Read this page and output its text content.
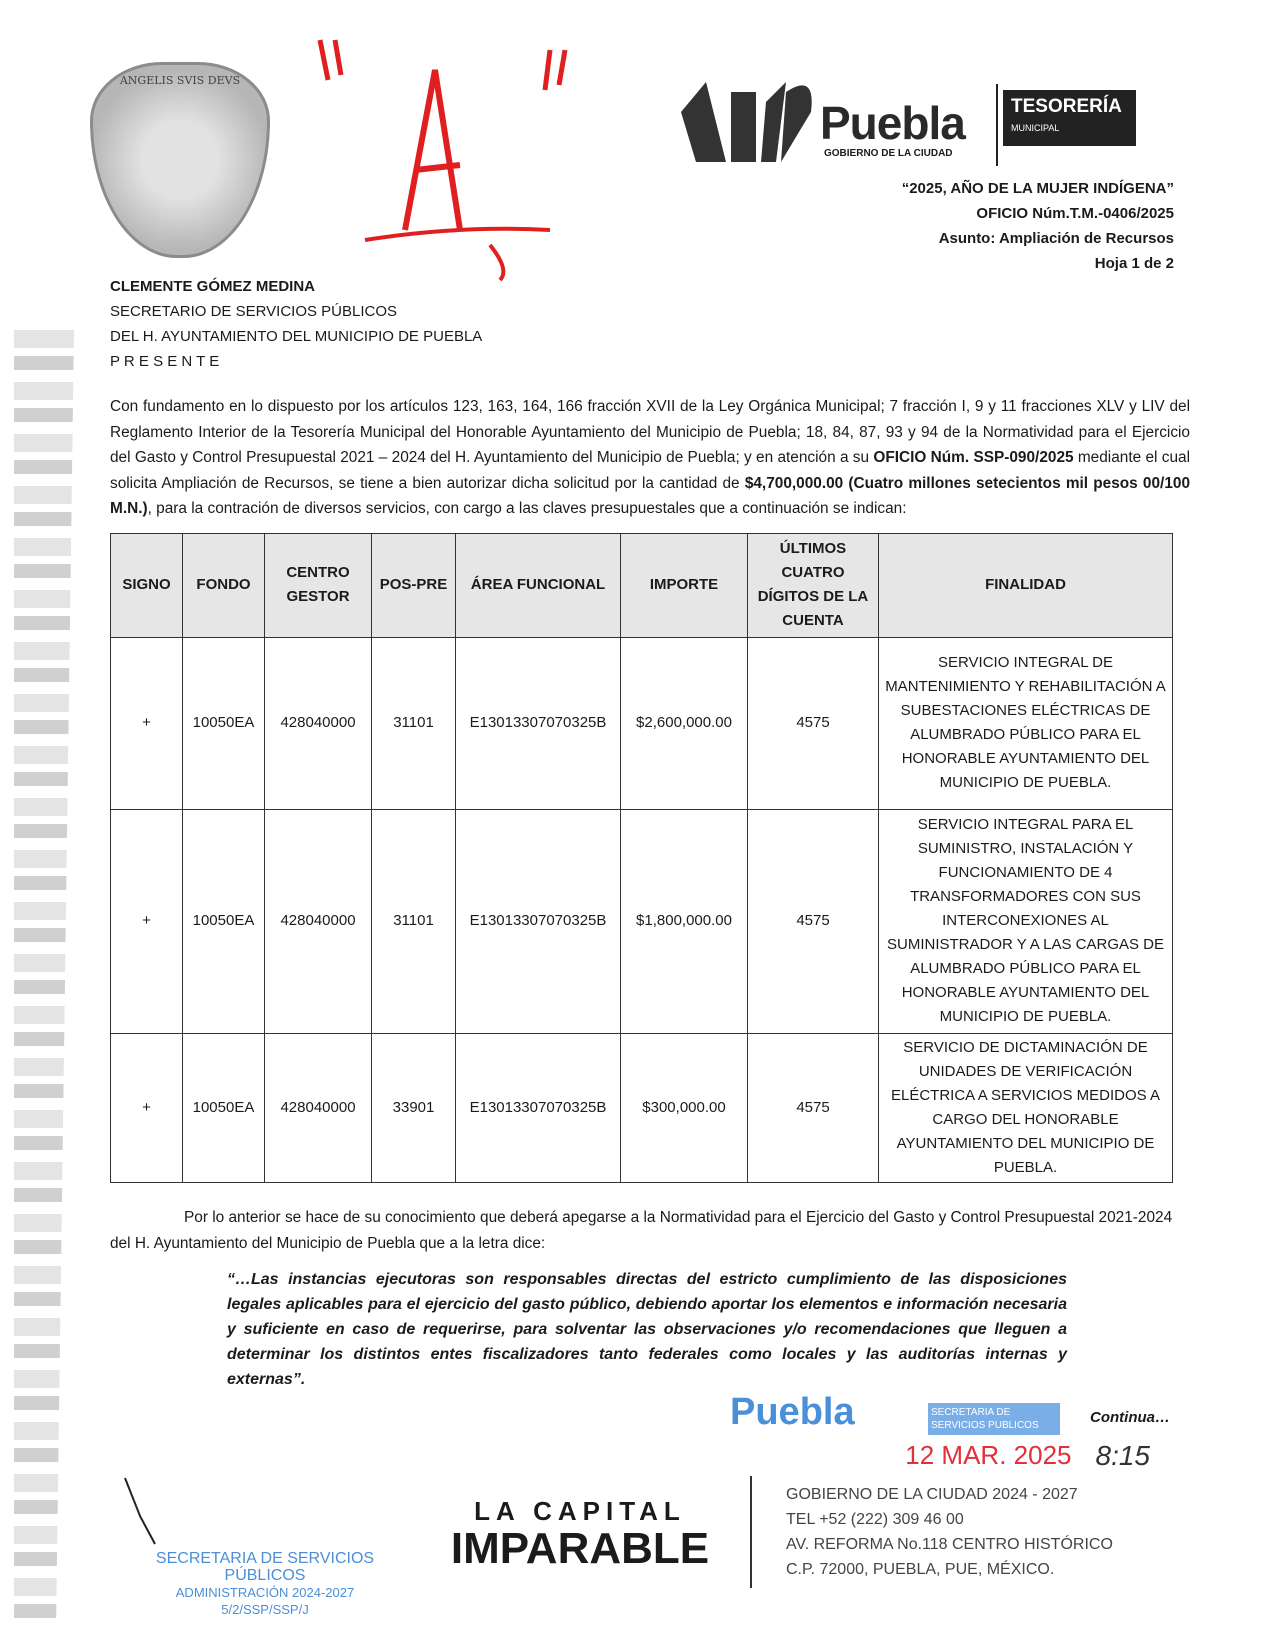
ANGELIS SVIS DEVS
Puebla
GOBIERNO DE LA CIUDAD
TESORERÍA
MUNICIPAL
“2025, AÑO DE LA MUJER INDÍGENA”
OFICIO Núm.T.M.-0406/2025
Asunto: Ampliación de Recursos
Hoja 1 de 2
CLEMENTE GÓMEZ MEDINA
SECRETARIO DE SERVICIOS PÚBLICOS
DEL H. AYUNTAMIENTO DEL MUNICIPIO DE PUEBLA
P R E S E N T E

Con fundamento en lo dispuesto por los artículos 123, 163, 164, 166 fracción XVII de la Ley Orgánica Municipal; 7 fracción I, 9 y 11 fracciones XLV y LIV del Reglamento Interior de la Tesorería Municipal del Honorable Ayuntamiento del Municipio de Puebla; 18, 84, 87, 93 y 94 de la Normatividad para el Ejercicio del Gasto y Control Presupuestal 2021 – 2024 del H. Ayuntamiento del Municipio de Puebla; y en atención a su OFICIO Núm. SSP-090/2025 mediante el cual solicita Ampliación de Recursos, se tiene a bien autorizar dicha solicitud por la cantidad de $4,700,000.00 (Cuatro millones setecientos mil pesos 00/100 M.N.), para la contración de diversos servicios, con cargo a las claves presupuestales que a continuación se indican:

SIGNO	FONDO	CENTRO GESTOR	POS-PRE	ÁREA FUNCIONAL	IMPORTE	ÚLTIMOS CUATRO DÍGITOS DE LA CUENTA	FINALIDAD
+	10050EA	428040000	31101	E13013307070325B	$2,600,000.00	4575	SERVICIO INTEGRAL DE MANTENIMIENTO Y REHABILITACIÓN A SUBESTACIONES ELÉCTRICAS DE ALUMBRADO PÚBLICO PARA EL HONORABLE AYUNTAMIENTO DEL MUNICIPIO DE PUEBLA.
+	10050EA	428040000	31101	E13013307070325B	$1,800,000.00	4575	SERVICIO INTEGRAL PARA EL SUMINISTRO, INSTALACIÓN Y FUNCIONAMIENTO DE 4 TRANSFORMADORES CON SUS INTERCONEXIONES AL SUMINISTRADOR Y A LAS CARGAS DE ALUMBRADO PÚBLICO PARA EL HONORABLE AYUNTAMIENTO DEL MUNICIPIO DE PUEBLA.
+	10050EA	428040000	33901	E13013307070325B	$300,000.00	4575	SERVICIO DE DICTAMINACIÓN DE UNIDADES DE VERIFICACIÓN ELÉCTRICA A SERVICIOS MEDIDOS A CARGO DEL HONORABLE AYUNTAMIENTO DEL MUNICIPIO DE PUEBLA.

Por lo anterior se hace de su conocimiento que deberá apegarse a la Normatividad para el Ejercicio del Gasto y Control Presupuestal 2021-2024 del H. Ayuntamiento del Municipio de Puebla que a la letra dice:

“…Las instancias ejecutoras son responsables directas del estricto cumplimiento de las disposiciones legales aplicables para el ejercicio del gasto público, debiendo aportar los elementos e información necesaria y suficiente en caso de requerirse, para solventar las observaciones y/o recomendaciones que lleguen a determinar los distintos entes fiscalizadores tanto federales como locales y las auditorías internas y externas”.

Puebla	SECRETARIA DE SERVICIOS PUBLICOS	Continua…
12 MAR. 2025 8:15
SECRETARIA DE SERVICIOS PÚBLICOS
ADMINISTRACIÓN 2024-2027
5/2/SSP/SSP/J
LA CAPITAL
IMPARABLE
GOBIERNO DE LA CIUDAD 2024 - 2027
TEL +52 (222) 309 46 00
AV. REFORMA No.118 CENTRO HISTÓRICO
C.P. 72000, PUEBLA, PUE, MÉXICO.
